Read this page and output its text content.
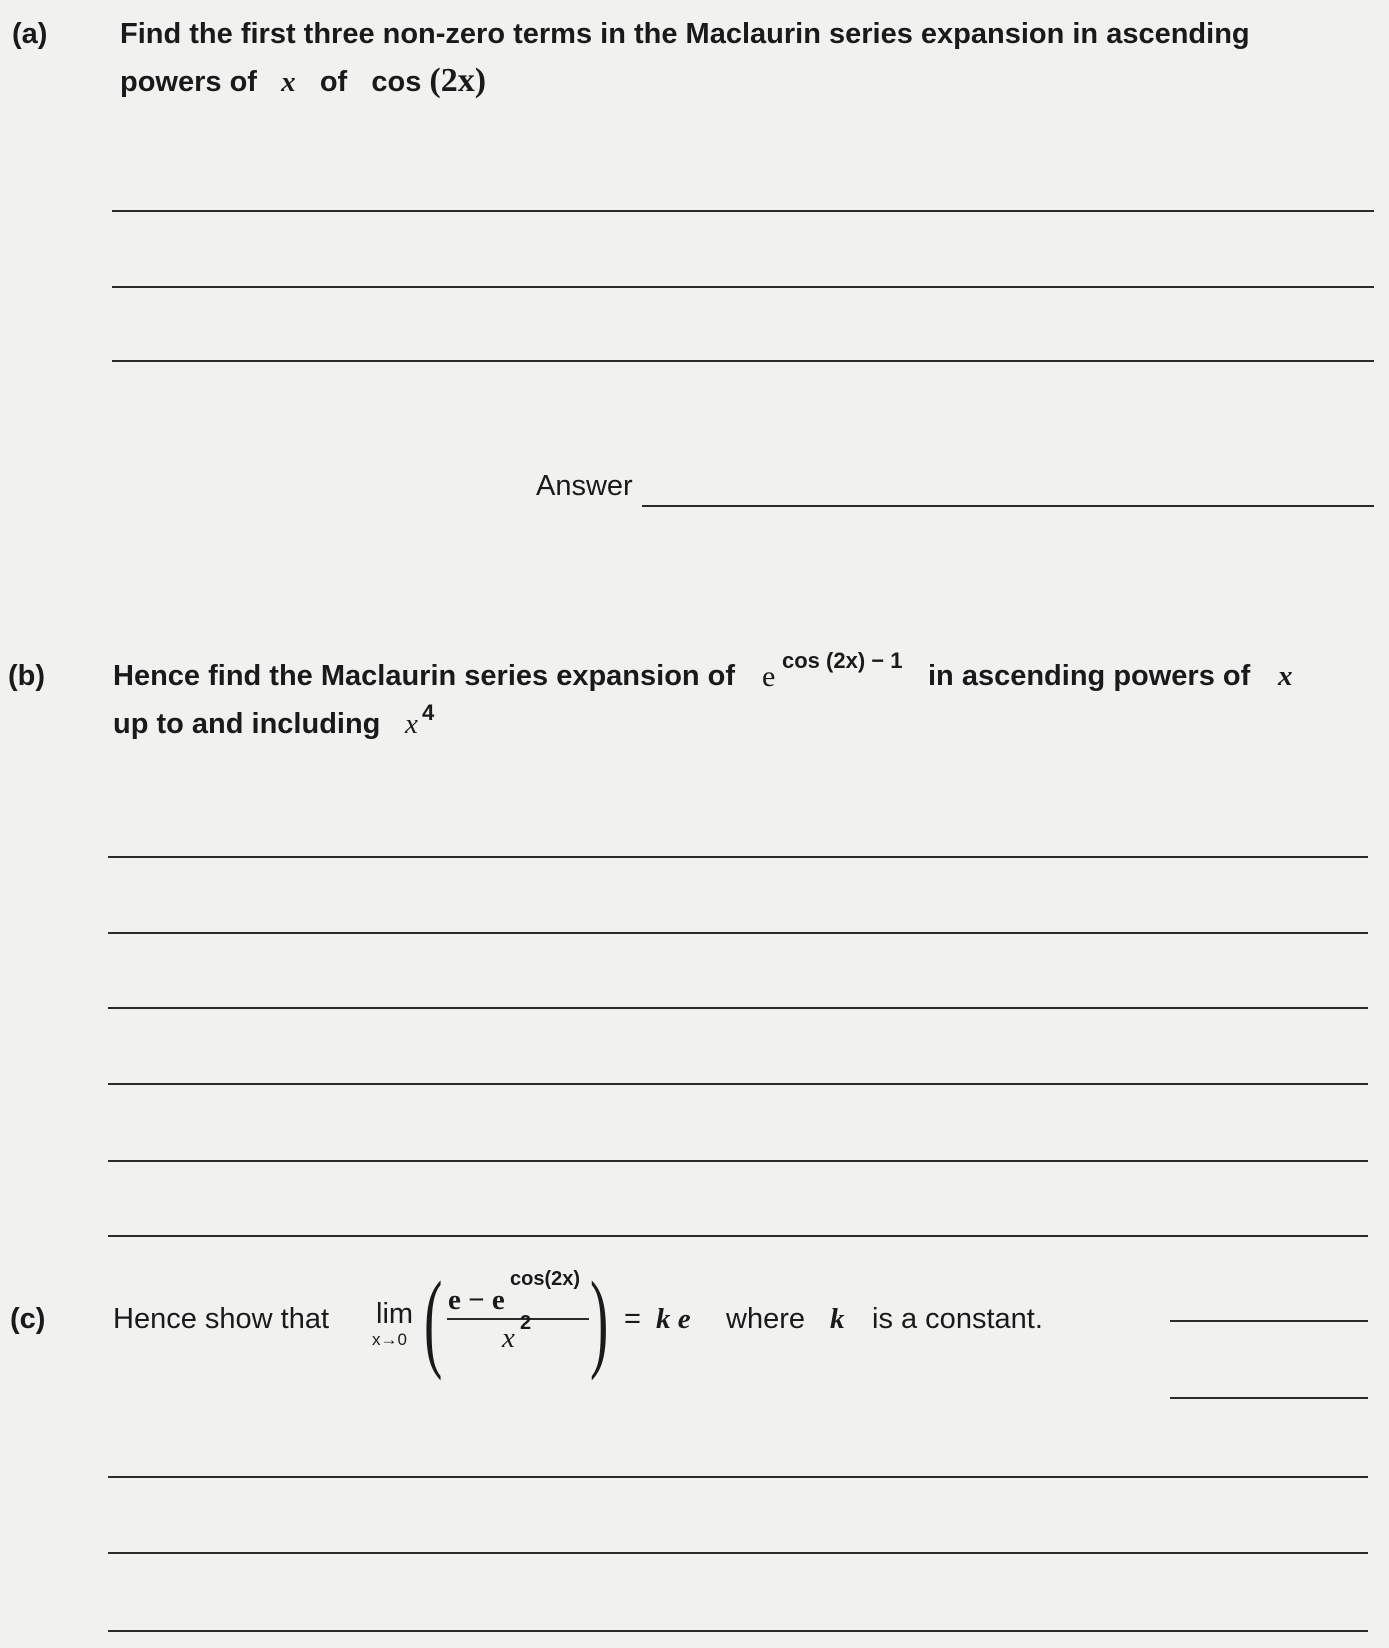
(a)	Find the first three non-zero terms in the Maclaurin series expansion in ascending
powers of x of cos (2x)
Answer
(b) Hence find the Maclaurin series expansion of e cos (2x) − 1 in ascending powers of x
up to and including x 4
(c) Hence show that lim
x→0 ( e − e
cos(2x)
x 2 ) = k e where k is a constant.
